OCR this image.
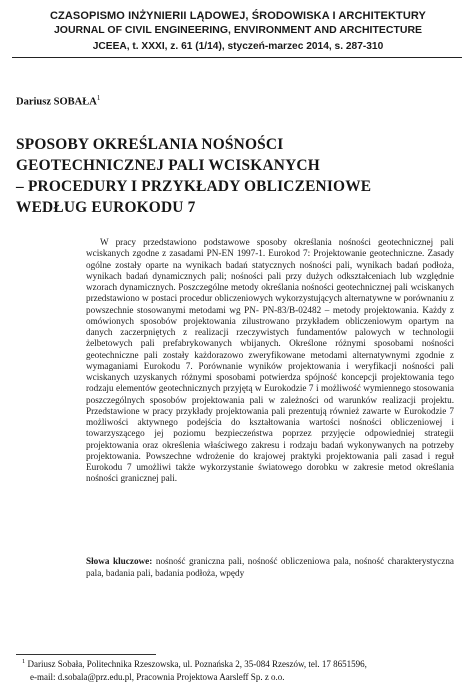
CZASOPISMO INŻYNIERII LĄDOWEJ, ŚRODOWISKA I ARCHITEKTURY
JOURNAL OF CIVIL ENGINEERING, ENVIRONMENT AND ARCHITECTURE
JCEEA, t. XXXI, z. 61 (1/14), styczeń-marzec 2014, s. 287-310
Dariusz SOBAŁA$^1$
SPOSOBY OKREŚLANIA NOŚNOŚCI
GEOTECHNICZNEJ PALI WCISKANYCH
– PROCEDURY I PRZYKŁADY OBLICZENIOWE
WEDŁUG EUROKODU 7
W pracy przedstawiono podstawowe sposoby określania nośności geotechnicznej pali wciskanych zgodne z zasadami PN-EN 1997-1. Eurokod 7: Projektowanie geotechniczne. Zasady ogólne zostały oparte na wynikach badań statycznych nośności pali, wynikach badań podłoża, wynikach badań dynamicznych pali; nośności pali przy dużych odkształceniach lub względnie wzorach dynamicznych. Poszczególne metody określania nośności geotechnicznej pali wciskanych przedstawiono w postaci procedur obliczeniowych wykorzystujących alternatywne w porównaniu z powszechnie stosowanymi metodami wg PN- PN-83/B-02482 – metody projektowania. Każdy z omówionych sposobów projektowania zilustrowano przykładem obliczeniowym opartym na danych zaczerpniętych z realizacji rzeczywistych fundamentów palowych w technologii żelbetowych pali prefabrykowanych wbijanych. Określone różnymi sposobami nośności geotechniczne pali zostały każdorazowo zweryfikowane metodami alternatywnymi zgodnie z wymaganiami Eurokodu 7. Porównanie wyników projektowania i weryfikacji nośności pali wciskanych uzyskanych różnymi sposobami potwierdza spójność koncepcji projektowania tego rodzaju elementów geotechnicznych przyjętą w Eurokodzie 7 i możliwość wymiennego stosowania poszczególnych sposobów projektowania pali w zależności od warunków realizacji projektu. Przedstawione w pracy przykłady projektowania pali prezentują również zawarte w Eurokodzie 7 możliwości aktywnego podejścia do kształtowania wartości nośności obliczeniowej i towarzyszącego jej poziomu bezpieczeństwa poprzez przyjęcie odpowiedniej strategii projektowania oraz określenia właściwego zakresu i rodzaju badań wykonywanych na potrzeby projektowania. Powszechne wdrożenie do krajowej praktyki projektowania pali zasad i reguł Eurokodu 7 umożliwi także wykorzystanie światowego dorobku w zakresie metod określania nośności granicznej pali.
Słowa kluczowe: nośność graniczna pali, nośność obliczeniowa pala, nośność charakterystyczna pala, badania pali, badania podłoża, wpędy
$^1$ Dariusz Sobała, Politechnika Rzeszowska, ul. Poznańska 2, 35-084 Rzeszów, tel. 17 8651596,
e-mail: d.sobala@prz.edu.pl, Pracownia Projektowa Aarsleff Sp. z o.o.
